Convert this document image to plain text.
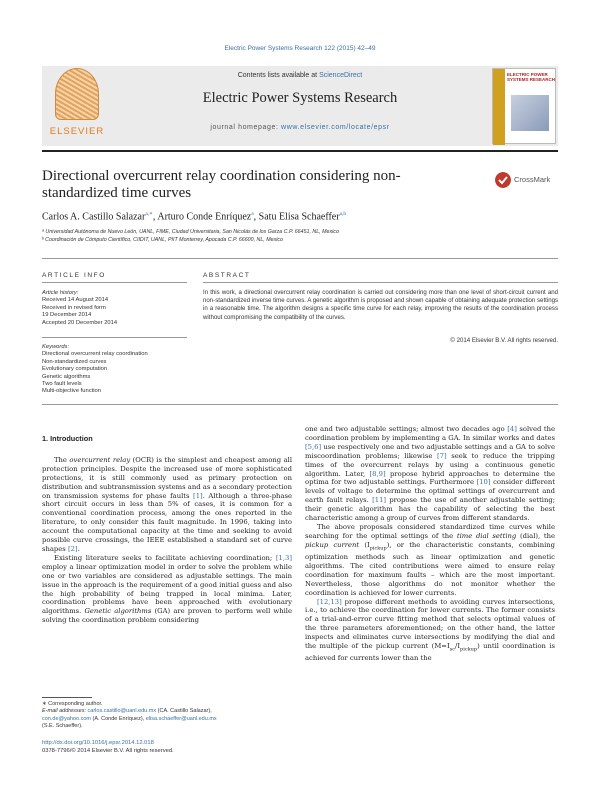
Electric Power Systems Research 122 (2015) 42–49
ELSEVIER
Contents lists available at ScienceDirect
Electric Power Systems Research
journal homepage: www.elsevier.com/locate/epsr
ELECTRIC POWER SYSTEMS RESEARCH
Directional overcurrent relay coordination considering non-standardized time curves
CrossMark
Carlos A. Castillo Salazar$^{a,∗}$, Arturo Conde Enríquez$^a$, Satu Elisa Schaeffer$^{a,b}$
ᵃ Universidad Autónoma de Nuevo León, UANL, FIME, Ciudad Universitaria, San Nicolás de los Garza C.P. 66451, NL, Mexico
ᵇ Coordinación de Cómputo Científico, CIIDIT, UANL, PIIT Monterrey, Apocada C.P. 66600, NL, Mexico
ARTICLE INFO	ABSTRACT
Article history:
Received 14 August 2014
Received in revised form
19 December 2014
Accepted 20 December 2014
Keywords:
Directional overcurrent relay coordination
Non-standardized curves
Evolutionary computation
Genetic algorithms
Two fault levels
Multi-objective function
In this work, a directional overcurrent relay coordination is carried out considering more than one level of short-circuit current and non-standardized inverse time curves. A genetic algorithm is proposed and shown capable of obtaining adequate protection settings in a reasonable time. The algorithm designs a specific time curve for each relay, improving the results of the coordination process without compromising the compatibility of the curves.
© 2014 Elsevier B.V. All rights reserved.
1. Introduction

The overcurrent relay (OCR) is the simplest and cheapest among all protection principles. Despite the increased use of more sophisticated protections, it is still commonly used as primary protection on distribution and subtransmission systems and as a secondary protection on transmission systems for phase faults [1]. Although a three-phase short circuit occurs in less than 5% of cases, it is common for a conventional coordination process, among the ones reported in the literature, to only consider this fault magnitude. In 1996, taking into account the computational capacity at the time and seeking to avoid possible curve crossings, the IEEE established a standard set of curve shapes [2].

Existing literature seeks to facilitate achieving coordination; [1,3] employ a linear optimization model in order to solve the problem while one or two variables are considered as adjustable settings. The main issue in the approach is the requirement of a good initial guess and also the high probability of being trapped in local minima. Later, coordination problems have been approached with evolutionary algorithms. Genetic algorithms (GA) are proven to perform well while solving the coordination problem considering

one and two adjustable settings; almost two decades ago [4] solved the coordination problem by implementing a GA. In similar works and dates [5,6] use respectively one and two adjustable settings and a GA to solve miscoordination problems; likewise [7] seek to reduce the tripping times of the overcurrent relays by using a continuous genetic algorithm. Later, [8,9] propose hybrid approaches to determine the optima for two adjustable settings. Furthermore [10] consider different levels of voltage to determine the optimal settings of overcurrent and earth fault relays. [11] propose the use of another adjustable setting; their genetic algorithm has the capability of selecting the best characteristic among a group of curves from different standards.

The above proposals considered standardized time curves while searching for the optimal settings of the time dial setting (dial), the pickup current $(I_{pickup})$, or the characteristic constants, combining optimization methods such as linear optimization and genetic algorithms. The cited contributions were aimed to ensure relay coordination for maximum faults – which are the most important. Nevertheless, those algorithms do not monitor whether the coordination is achieved for lower currents.

[12,13] propose different methods to avoiding curves intersections, i.e., to achieve the coordination for lower currents. The former consists of a trial-and-error curve fitting method that selects optimal values of the three parameters aforementioned; on the other hand, the latter inspects and eliminates curve intersections by modifying the dial and the multiple of the pickup current $(M=I_{sc}/I_{pickup})$ until coordination is achieved for currents lower than the

∗ Corresponding author.
E-mail addresses: carlos.castillo@uanl.edu.mx (CA. Castillo Salazar),
con.de@yahoo.com (A. Conde Enríquez), elisa.schaeffer@uanl.edu.mx
(S.E. Schaeffer).
http://dx.doi.org/10.1016/j.epsr.2014.12.018
0378-7796/© 2014 Elsevier B.V. All rights reserved.
